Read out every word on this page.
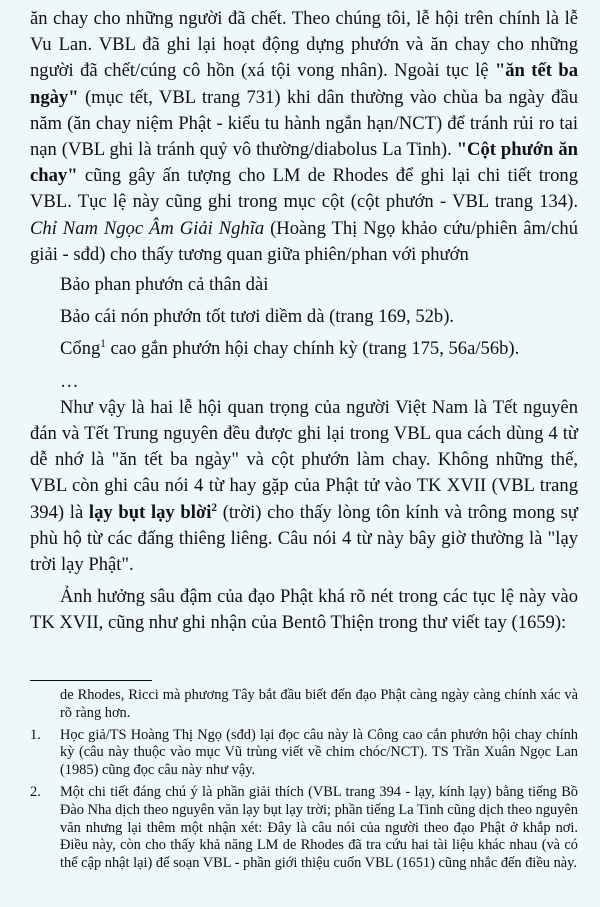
ăn chay cho những người đã chết. Theo chúng tôi, lễ hội trên chính là lễ Vu Lan. VBL đã ghi lại hoạt động dựng phướn và ăn chay cho những người đã chết/cúng cô hồn (xá tội vong nhân). Ngoài tục lệ "ăn tết ba ngày" (mục tết, VBL trang 731) khi dân thường vào chùa ba ngày đầu năm (ăn chay niệm Phật - kiểu tu hành ngắn hạn/NCT) để tránh rủi ro tai nạn (VBL ghi là tránh quỷ vô thường/diabolus La Tinh). "Cột phướn ăn chay" cũng gây ấn tượng cho LM de Rhodes để ghi lại chi tiết trong VBL. Tục lệ này cũng ghi trong mục cột (cột phướn - VBL trang 134). Chỉ Nam Ngọc Âm Giải Nghĩa (Hoàng Thị Ngọ khảo cứu/phiên âm/chú giải - sđd) cho thấy tương quan giữa phiên/phan với phướn

Bảo phan phướn cả thân dài
Bảo cái nón phướn tốt tươi diềm dà (trang 169, 52b).
Cổng$^1$ cao gắn phướn hội chay chính kỳ (trang 175, 56a/56b).
…

Như vậy là hai lễ hội quan trọng của người Việt Nam là Tết nguyên đán và Tết Trung nguyên đều được ghi lại trong VBL qua cách dùng 4 từ dễ nhớ là "ăn tết ba ngày" và cột phướn làm chay. Không những thế, VBL còn ghi câu nói 4 từ hay gặp của Phật tử vào TK XVII (VBL trang 394) là lạy bụt lạy blời$^2$ (trời) cho thấy lòng tôn kính và trông mong sự phù hộ từ các đấng thiêng liêng. Câu nói 4 từ này bây giờ thường là "lạy trời lạy Phật".

Ảnh hưởng sâu đậm của đạo Phật khá rõ nét trong các tục lệ này vào TK XVII, cũng như ghi nhận của Bentô Thiện trong thư viết tay (1659):

de Rhodes, Ricci mà phương Tây bắt đầu biết đến đạo Phật càng ngày càng chính xác và rõ ràng hơn.
1. Học giả/TS Hoàng Thị Ngọ (sđd) lại đọc câu này là Công cao cắn phướn hội chay chính kỳ (câu này thuộc vào mục Vũ trùng viết về chim chóc/NCT). TS Trần Xuân Ngọc Lan (1985) cũng đọc câu này như vậy.
2. Một chi tiết đáng chú ý là phần giải thích (VBL trang 394 - lạy, kính lạy) bằng tiếng Bồ Đào Nha dịch theo nguyên văn lạy bụt lạy trời; phần tiếng La Tinh cũng dịch theo nguyên văn nhưng lại thêm một nhận xét: Đây là câu nói của người theo đạo Phật ở khắp nơi. Điều này, còn cho thấy khả năng LM de Rhodes đã tra cứu hai tài liệu khác nhau (và có thể cập nhật lại) để soạn VBL - phần giới thiệu cuốn VBL (1651) cũng nhắc đến điều này.
